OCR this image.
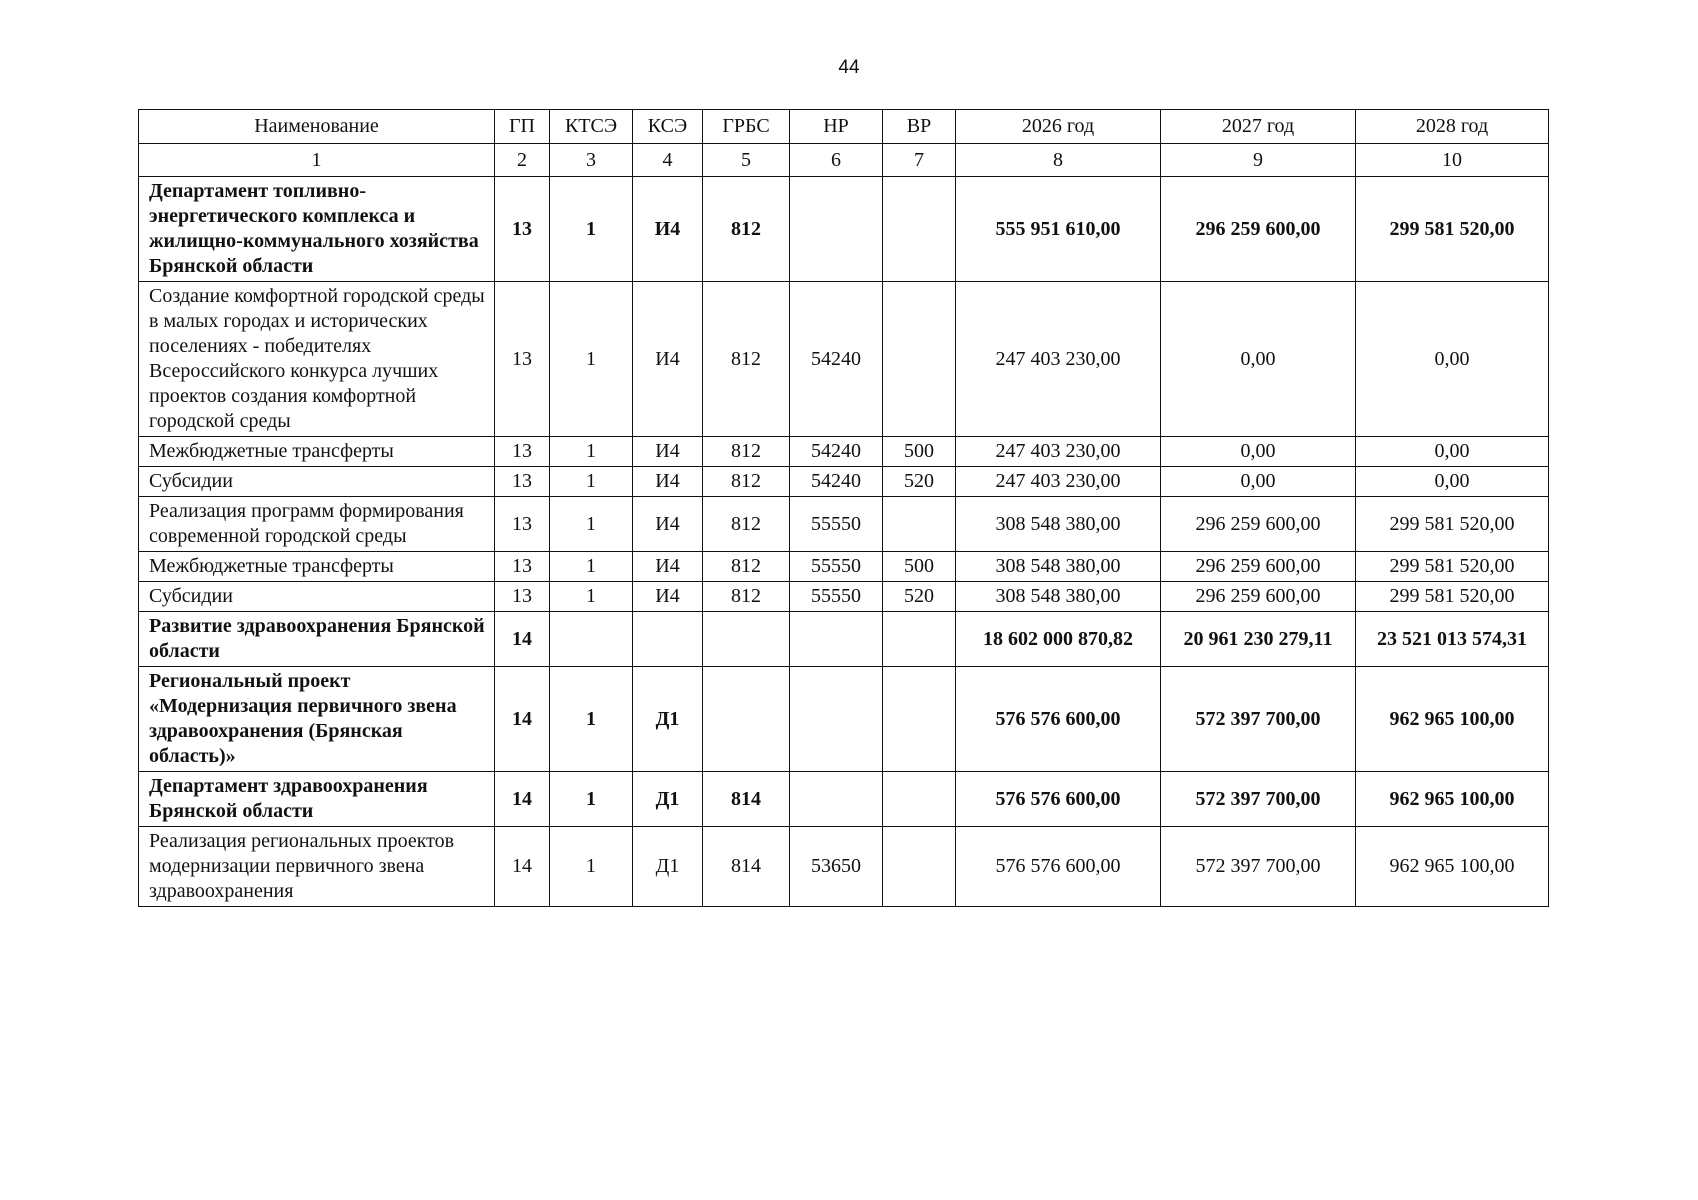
44
Наименование	ГП	КТСЭ	КСЭ	ГРБС	НР	ВР	2026 год	2027 год	2028 год
1	2	3	4	5	6	7	8	9	10
Департамент топливно-энергетического комплекса и жилищно-коммунального хозяйства Брянской области	13	1	И4	812			555 951 610,00	296 259 600,00	299 581 520,00
Создание комфортной городской среды в малых городах и исторических поселениях - победителях Всероссийского конкурса лучших проектов создания комфортной городской среды	13	1	И4	812	54240		247 403 230,00	0,00	0,00
Межбюджетные трансферты	13	1	И4	812	54240	500	247 403 230,00	0,00	0,00
Субсидии	13	1	И4	812	54240	520	247 403 230,00	0,00	0,00
Реализация программ формирования современной городской среды	13	1	И4	812	55550		308 548 380,00	296 259 600,00	299 581 520,00
Межбюджетные трансферты	13	1	И4	812	55550	500	308 548 380,00	296 259 600,00	299 581 520,00
Субсидии	13	1	И4	812	55550	520	308 548 380,00	296 259 600,00	299 581 520,00
Развитие здравоохранения Брянской области	14						18 602 000 870,82	20 961 230 279,11	23 521 013 574,31
Региональный проект «Модернизация первичного звена здравоохранения (Брянская область)»	14	1	Д1				576 576 600,00	572 397 700,00	962 965 100,00
Департамент здравоохранения Брянской области	14	1	Д1	814			576 576 600,00	572 397 700,00	962 965 100,00
Реализация региональных проектов модернизации первичного звена здравоохранения	14	1	Д1	814	53650		576 576 600,00	572 397 700,00	962 965 100,00
